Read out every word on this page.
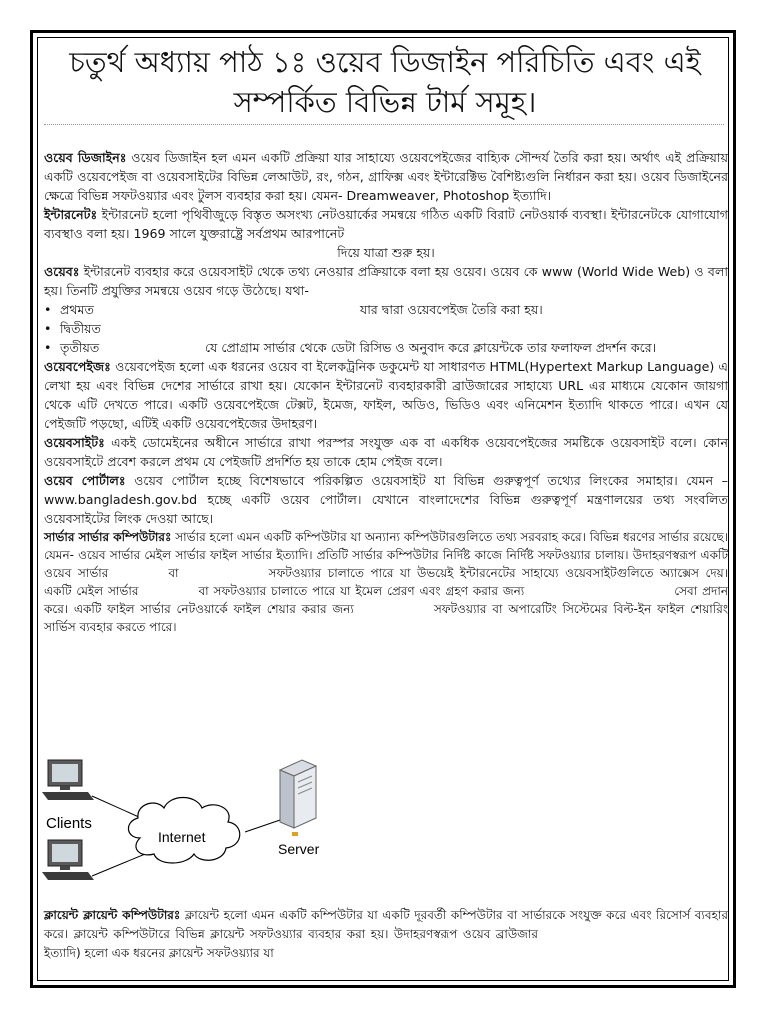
চতুর্থ অধ্যায় পাঠ ১ঃ ওয়েব ডিজাইন পরিচিতি এবং এই সম্পর্কিত বিভিন্ন টার্ম সমূহ।

ওয়েব ডিজাইনঃ ওয়েব ডিজাইন হল এমন একটি প্রক্রিয়া যার সাহায্যে ওয়েবপেইজের বাহ্যিক সৌন্দর্য তৈরি করা হয়। অর্থাৎ এই প্রক্রিয়ায় একটি ওয়েবপেইজ বা ওয়েবসাইটের বিভিন্ন লেআউট, রং, গঠন, গ্রাফিক্স এবং ইন্টারেক্টিভ বৈশিষ্ট্যগুলি নির্ধারন করা হয়। ওয়েব ডিজাইনের ক্ষেত্রে বিভিন্ন সফটওয়্যার এবং টুলস ব্যবহার করা হয়। যেমন- Dreamweaver, Photoshop ইত্যাদি।

ইন্টারনেটঃ ইন্টারনেট হলো পৃথিবীজুড়ে বিস্তৃত অসংখ্য নেটওয়ার্কের সমন্বয়ে গঠিত একটি বিরাট নেটওয়ার্ক ব্যবস্থা। ইন্টারনেটকে যোগাযোগ ব্যবস্থাও বলা হয়। 1969 সালে যুক্তরাষ্ট্রে সর্বপ্রথম আরপানেট

দিয়ে যাত্রা শুরু হয়।

ওয়েবঃ ইন্টারনেট ব্যবহার করে ওয়েবসাইট থেকে তথ্য নেওয়ার প্রক্রিয়াকে বলা হয় ওয়েব। ওয়েব কে www (World Wide Web) ও বলা হয়। তিনটি প্রযুক্তির সমন্বয়ে ওয়েব গড়ে উঠেছে। যথা-

• প্রথমত	যার দ্বারা ওয়েবপেইজ তৈরি করা হয়।
• দ্বিতীয়ত
• তৃতীয়ত	যে প্রোগ্রাম সার্ভার থেকে ডেটা রিসিভ ও অনুবাদ করে ক্লায়েন্টকে তার ফলাফল প্রদর্শন করে।

ওয়েবপেইজঃ ওয়েবপেইজ হলো এক ধরনের ওয়েব বা ইলেকট্রনিক ডকুমেন্ট যা সাধারণত HTML(Hypertext Markup Language) এ লেখা হয় এবং বিভিন্ন দেশের সার্ভারে রাখা হয়। যেকোন ইন্টারনেট ব্যবহারকারী ব্রাউজারের সাহায্যে URL এর মাধ্যমে যেকোন জায়গা থেকে এটি দেখতে পারে। একটি ওয়েবপেইজে টেক্সট, ইমেজ, ফাইল, অডিও, ভিডিও এবং এনিমেশন ইত্যাদি থাকতে পারে। এখন যে পেইজটি পড়ছো, এটিই একটি ওয়েবপেইজের উদাহরণ।

ওয়েবসাইটঃ একই ডোমেইনের অধীনে সার্ভারে রাখা পরস্পর সংযুক্ত এক বা একধিক ওয়েবপেইজের সমষ্টিকে ওয়েবসাইট বলে। কোন ওয়েবসাইটে প্রবেশ করলে প্রথম যে পেইজটি প্রদর্শিত হয় তাকে হোম পেইজ বলে।

ওয়েব পোর্টালঃ ওয়েব পোর্টাল হচ্ছে বিশেষভাবে পরিকল্পিত ওয়েবসাইট যা বিভিন্ন গুরুত্বপূর্ণ তথ্যের লিংকের সমাহার। যেমন – www.bangladesh.gov.bd হচ্ছে একটি ওয়েব পোর্টাল। যেখানে বাংলাদেশের বিভিন্ন গুরুত্বপূর্ণ মন্ত্রণালয়ের তথ্য সংবলিত ওয়েবসাইটের লিংক দেওয়া আছে।

সার্ভার সার্ভার কম্পিউটারঃ সার্ভার হলো এমন একটি কম্পিউটার যা অন্যান্য কম্পিউটারগুলিতে তথ্য সরবরাহ করে। বিভিন্ন ধরণের সার্ভার রয়েছে। যেমন- ওয়েব সার্ভার মেইল সার্ভার ফাইল সার্ভার ইত্যাদি। প্রতিটি সার্ভার কম্পিউটার নির্দিষ্ট কাজে নির্দিষ্ট সফটওয়্যার চালায়। উদাহরণস্বরূপ একটি ওয়েব সার্ভার	বা	সফটওয়্যার চালাতে পারে যা উভয়েই ইন্টারনেটের সাহায্যে ওয়েবসাইটগুলিতে অ্যাক্সেস দেয়। একটি মেইল সার্ভার	বা সফটওয়্যার চালাতে পারে যা ইমেল প্রেরণ এবং গ্রহণ করার জন্য	সেবা প্রদান করে। একটি ফাইল সার্ভার নেটওয়ার্কে ফাইল শেয়ার করার জন্য	সফটওয়্যার বা অপারেটিং সিস্টেমের বিল্ট-ইন ফাইল শেয়ারিং সার্ভিস ব্যবহার করতে পারে।

Clients
Internet
Server

ক্লায়েন্ট ক্লায়েন্ট কম্পিউটারঃ ক্লায়েন্ট হলো এমন একটি কম্পিউটার যা একটি দূরবর্তী কম্পিউটার বা সার্ভারকে সংযুক্ত করে এবং রিসোর্স ব্যবহার করে। ক্লায়েন্ট কম্পিউটারে বিভিন্ন ক্লায়েন্ট সফটওয়্যার ব্যবহার করা হয়। উদাহরণস্বরূপ ওয়েব ব্রাউজারইত্যাদি) হলো এক ধরনের ক্লায়েন্ট সফটওয়্যার যা
